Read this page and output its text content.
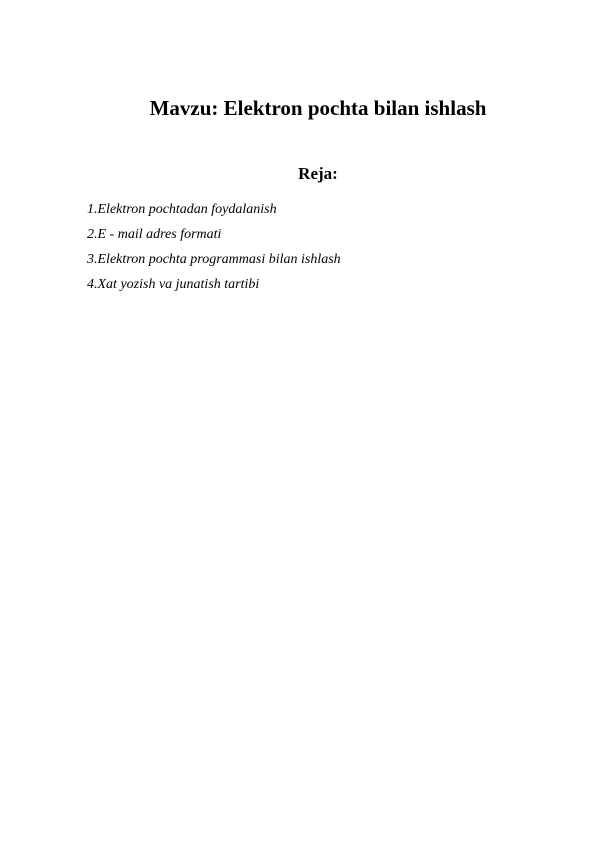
Mavzu: Elektron pochta bilan ishlash
Reja:
1.Elektron pochtadan foydalanish
2.E - mail adres formati
3.Elektron pochta programmasi bilan ishlash
4.Xat yozish va junatish tartibi
